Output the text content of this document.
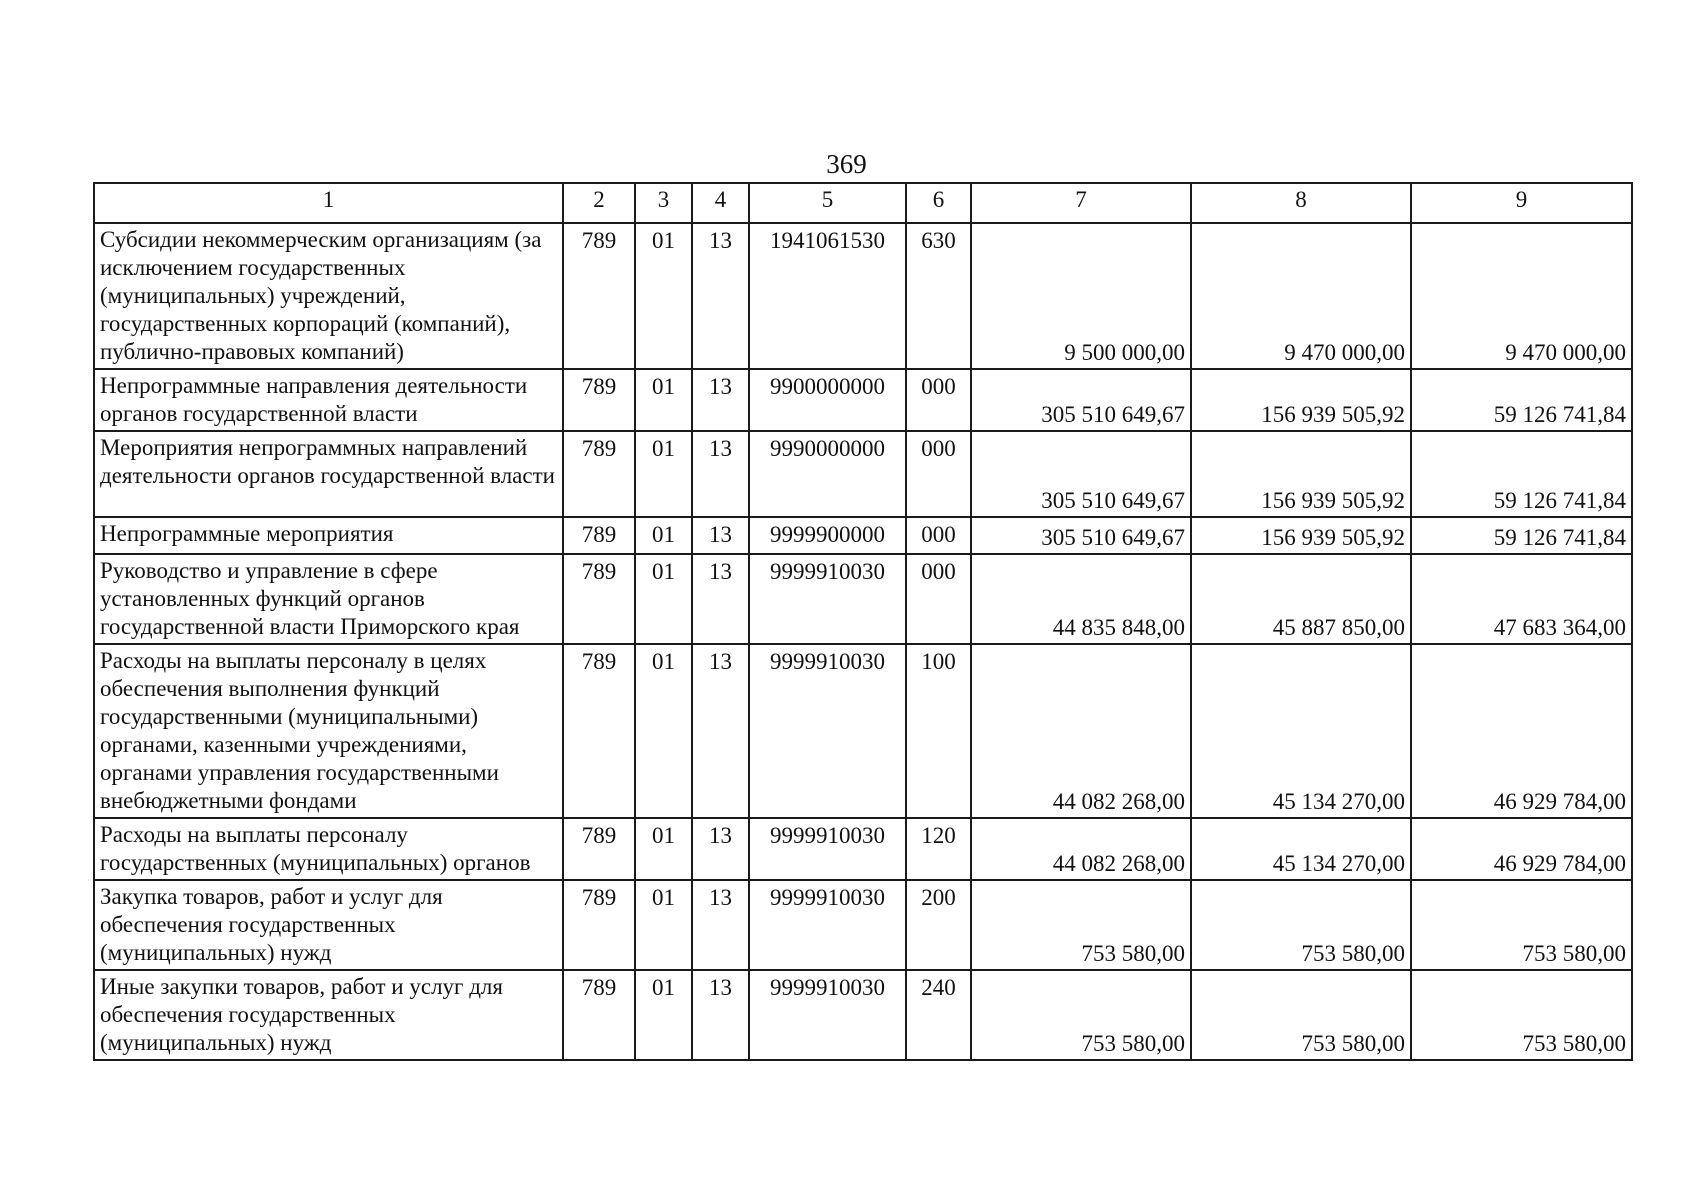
369
1	2	3	4	5	6	7	8	9
Субсидии некоммерческим организациям (за исключением государственных (муниципальных) учреждений, государственных корпораций (компаний), публично-правовых компаний)	789	01	13	1941061530	630	9 500 000,00	9 470 000,00	9 470 000,00
Непрограммные направления деятельности органов государственной власти	789	01	13	9900000000	000	305 510 649,67	156 939 505,92	59 126 741,84
Мероприятия непрограммных направлений деятельности органов государственной власти	789	01	13	9990000000	000	305 510 649,67	156 939 505,92	59 126 741,84
Непрограммные мероприятия	789	01	13	9999900000	000	305 510 649,67	156 939 505,92	59 126 741,84
Руководство и управление в сфере установленных функций органов государственной власти Приморского края	789	01	13	9999910030	000	44 835 848,00	45 887 850,00	47 683 364,00
Расходы на выплаты персоналу в целях обеспечения выполнения функций государственными (муниципальными) органами, казенными учреждениями, органами управления государственными внебюджетными фондами	789	01	13	9999910030	100	44 082 268,00	45 134 270,00	46 929 784,00
Расходы на выплаты персоналу государственных (муниципальных) органов	789	01	13	9999910030	120	44 082 268,00	45 134 270,00	46 929 784,00
Закупка товаров, работ и услуг для обеспечения государственных (муниципальных) нужд	789	01	13	9999910030	200	753 580,00	753 580,00	753 580,00
Иные закупки товаров, работ и услуг для обеспечения государственных (муниципальных) нужд	789	01	13	9999910030	240	753 580,00	753 580,00	753 580,00
